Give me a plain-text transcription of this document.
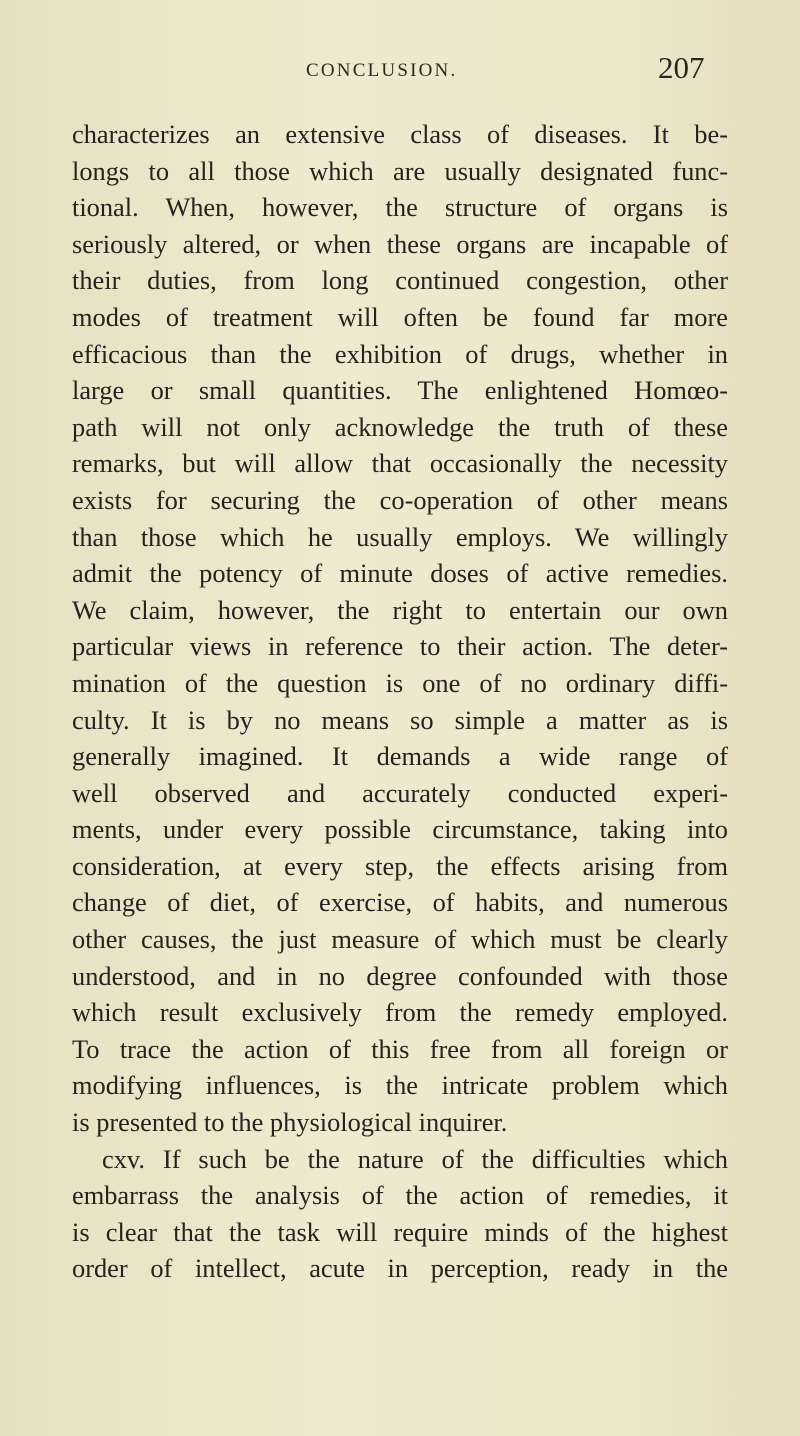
CONCLUSION.	207
characterizes an extensive class of diseases. It be-
longs to all those which are usually designated func-
tional. When, however, the structure of organs is
seriously altered, or when these organs are incapable of
their duties, from long continued congestion, other
modes of treatment will often be found far more
efficacious than the exhibition of drugs, whether in
large or small quantities. The enlightened Homœo-
path will not only acknowledge the truth of these
remarks, but will allow that occasionally the necessity
exists for securing the co-operation of other means
than those which he usually employs. We willingly
admit the potency of minute doses of active remedies.
We claim, however, the right to entertain our own
particular views in reference to their action. The deter-
mination of the question is one of no ordinary diffi-
culty. It is by no means so simple a matter as is
generally imagined. It demands a wide range of
well observed and accurately conducted experi-
ments, under every possible circumstance, taking into
consideration, at every step, the effects arising from
change of diet, of exercise, of habits, and numerous
other causes, the just measure of which must be clearly
understood, and in no degree confounded with those
which result exclusively from the remedy employed.
To trace the action of this free from all foreign or
modifying influences, is the intricate problem which
is presented to the physiological inquirer.
cxv. If such be the nature of the difficulties which
embarrass the analysis of the action of remedies, it
is clear that the task will require minds of the highest
order of intellect, acute in perception, ready in the
